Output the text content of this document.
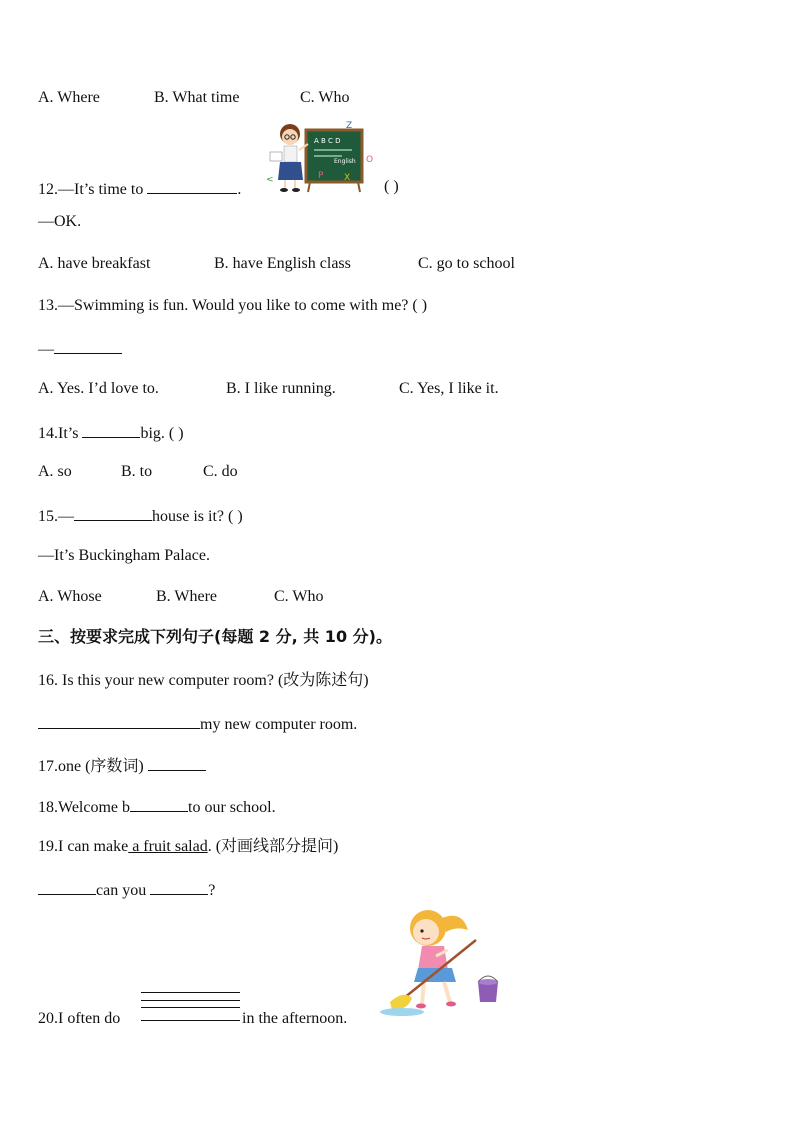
A. Where	B. What time	C. Who
A B C D
English
Z
O
P X
<
12.—It’s time to	.	( )
—OK.
A. have breakfast	B. have English class	C. go to school
13.—Swimming is fun. Would you like to come with me? ( )
—
A. Yes. I’d love to.	B. I like running.	C. Yes, I like it.
14.It’s	big. ( )
A. so	B. to	C. do
15.—	house is it? ( )
—It’s Buckingham Palace.
A. Whose	B. Where	C. Who
三、按要求完成下列句子(每题 2 分, 共 10 分)。
16. Is this your new computer room? (改为陈述句)
my new computer room.
17.one (序数词)
18.Welcome b	to our school.
19.I can make a fruit salad. (对画线部分提问)
can you	?
20.I often do	in the afternoon.
